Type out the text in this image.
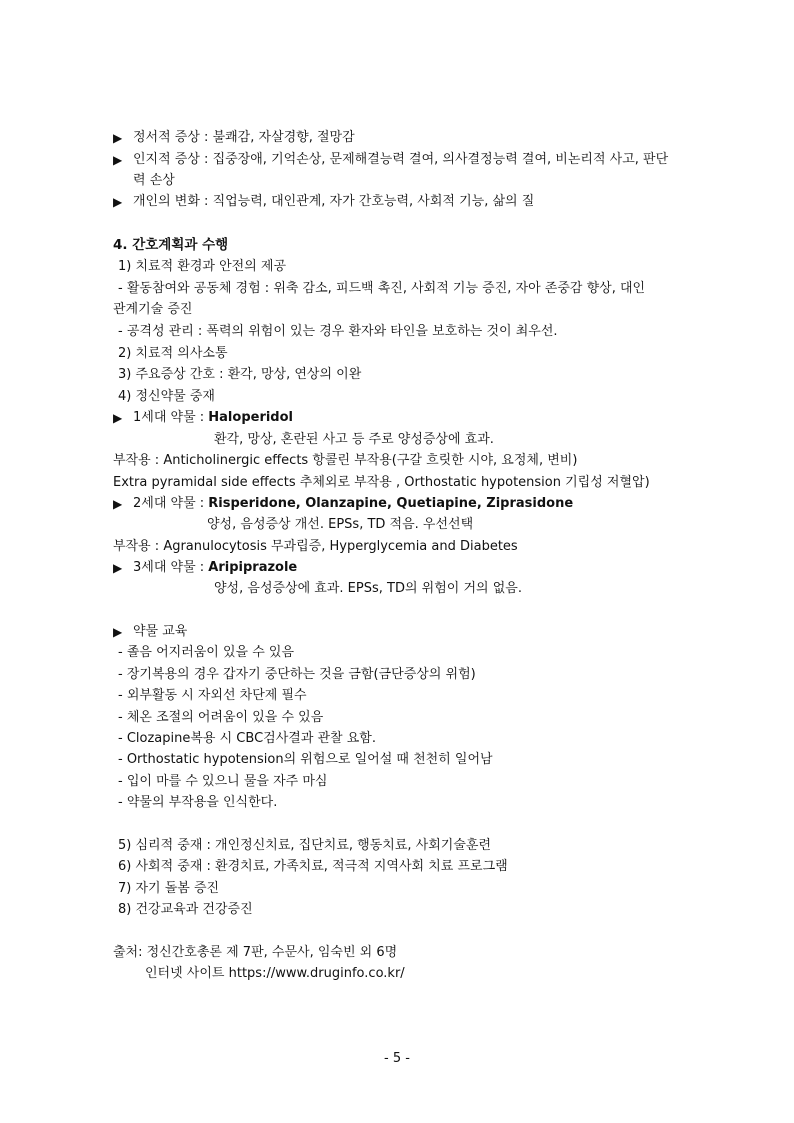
▶ 정서적 증상 : 불쾌감, 자살경향, 절망감
▶ 인지적 증상 : 집중장애, 기억손상, 문제해결능력 결여, 의사결정능력 결여, 비논리적 사고, 판단
력 손상
▶ 개인의 변화 : 직업능력, 대인관계, 자가 간호능력, 사회적 기능, 삶의 질
4. 간호계획과 수행
1) 치료적 환경과 안전의 제공
- 활동참여와 공동체 경험 : 위축 감소, 피드백 촉진, 사회적 기능 증진, 자아 존중감 향상, 대인
관계기술 증진
- 공격성 관리 : 폭력의 위험이 있는 경우 환자와 타인을 보호하는 것이 최우선.
2) 치료적 의사소통
3) 주요증상 간호 : 환각, 망상, 연상의 이완
4) 정신약물 중재
▶ 1세대 약물 : Haloperidol
환각, 망상, 혼란된 사고 등 주로 양성증상에 효과.
부작용 : Anticholinergic effects 항콜린 부작용(구갈 흐릿한 시야, 요정체, 변비)
Extra pyramidal side effects 추체외로 부작용 , Orthostatic hypotension 기립성 저혈압)
▶ 2세대 약물 : Risperidone, Olanzapine, Quetiapine, Ziprasidone
양성, 음성증상 개선. EPSs, TD 적음. 우선선택
부작용 : Agranulocytosis 무과립증, Hyperglycemia and Diabetes
▶ 3세대 약물 : Aripiprazole
양성, 음성증상에 효과. EPSs, TD의 위험이 거의 없음.
▶ 약물 교육
- 졸음 어지러움이 있을 수 있음
- 장기복용의 경우 갑자기 중단하는 것을 금함(금단증상의 위험)
- 외부활동 시 자외선 차단제 필수
- 체온 조절의 어려움이 있을 수 있음
- Clozapine복용 시 CBC검사결과 관찰 요함.
- Orthostatic hypotension의 위험으로 일어설 때 천천히 일어남
- 입이 마를 수 있으니 물을 자주 마심
- 약물의 부작용을 인식한다.
5) 심리적 중재 : 개인정신치료, 집단치료, 행동치료, 사회기술훈련
6) 사회적 중재 : 환경치료, 가족치료, 적극적 지역사회 치료 프로그램
7) 자기 돌봄 증진
8) 건강교육과 건강증진
출처: 정신간호총론 제 7판, 수문사, 임숙빈 외 6명
인터넷 사이트 https://www.druginfo.co.kr/
- 5 -
